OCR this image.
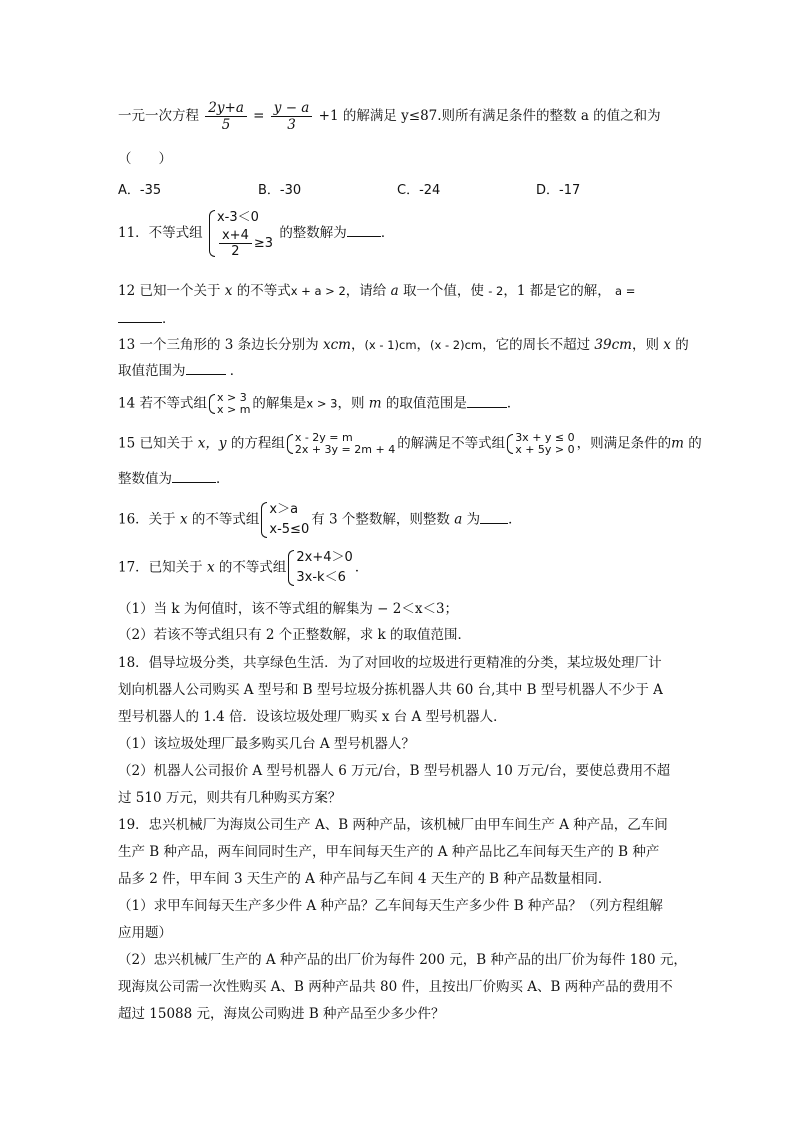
一元一次方程 $\frac{2y+a}{5} = \frac{y - a}{3} +1$ 的解满足 y≤87.则所有满足条件的整数 a 的值之和为
（　　）
A．-35	B．-30	C．-24	D．-17
11．不等式组
x-3＜0
$\frac{x+4}{2} \ge 3$
的整数解为	．
12 已知一个关于 x 的不等式x + a > 2，请给 a 取一个值，使 - 2，1 都是它的解， a =
．
13 一个三角形的 3 条边长分别为 xcm，(x - 1)cm，(x - 2)cm，它的周长不超过 39cm，则 x 的
取值范围为	．
14 若不等式组 x > 3
x > m 的解集是x > 3，则 m 的取值范围是	．
15 已知关于 x，y 的方程组 x - 2y = m
2x + 3y = 2m + 4 的解满足不等式组 3x + y ≤ 0
x + 5y > 0 ，则满足条件的m 的
整数值为	．
16．关于 x 的不等式组
x＞a
x-5≤0
有 3 个整数解，则整数 a 为 ．
17．已知关于 x 的不等式组
2x+4＞0
3x-k＜6
．
（1）当 k 为何值时，该不等式组的解集为 − 2＜x＜3；
（2）若该不等式组只有 2 个正整数解，求 k 的取值范围．
18．倡导垃圾分类，共享绿色生活．为了对回收的垃圾进行更精准的分类，某垃圾处理厂计
划向机器人公司购买 A 型号和 B 型号垃圾分拣机器人共 60 台,其中 B 型号机器人不少于 A
型号机器人的 1.4 倍．设该垃圾处理厂购买 x 台 A 型号机器人．
（1）该垃圾处理厂最多购买几台 A 型号机器人？
（2）机器人公司报价 A 型号机器人 6 万元/台，B 型号机器人 10 万元/台，要使总费用不超
过 510 万元，则共有几种购买方案？
19．忠兴机械厂为海岚公司生产 A、B 两种产品，该机械厂由甲车间生产 A 种产品，乙车间
生产 B 种产品，两车间同时生产，甲车间每天生产的 A 种产品比乙车间每天生产的 B 种产
品多 2 件，甲车间 3 天生产的 A 种产品与乙车间 4 天生产的 B 种产品数量相同．
（1）求甲车间每天生产多少件 A 种产品？乙车间每天生产多少件 B 种产品？（列方程组解
应用题）
（2）忠兴机械厂生产的 A 种产品的出厂价为每件 200 元，B 种产品的出厂价为每件 180 元，
现海岚公司需一次性购买 A、B 两种产品共 80 件，且按出厂价购买 A、B 两种产品的费用不
超过 15088 元，海岚公司购进 B 种产品至少多少件？
